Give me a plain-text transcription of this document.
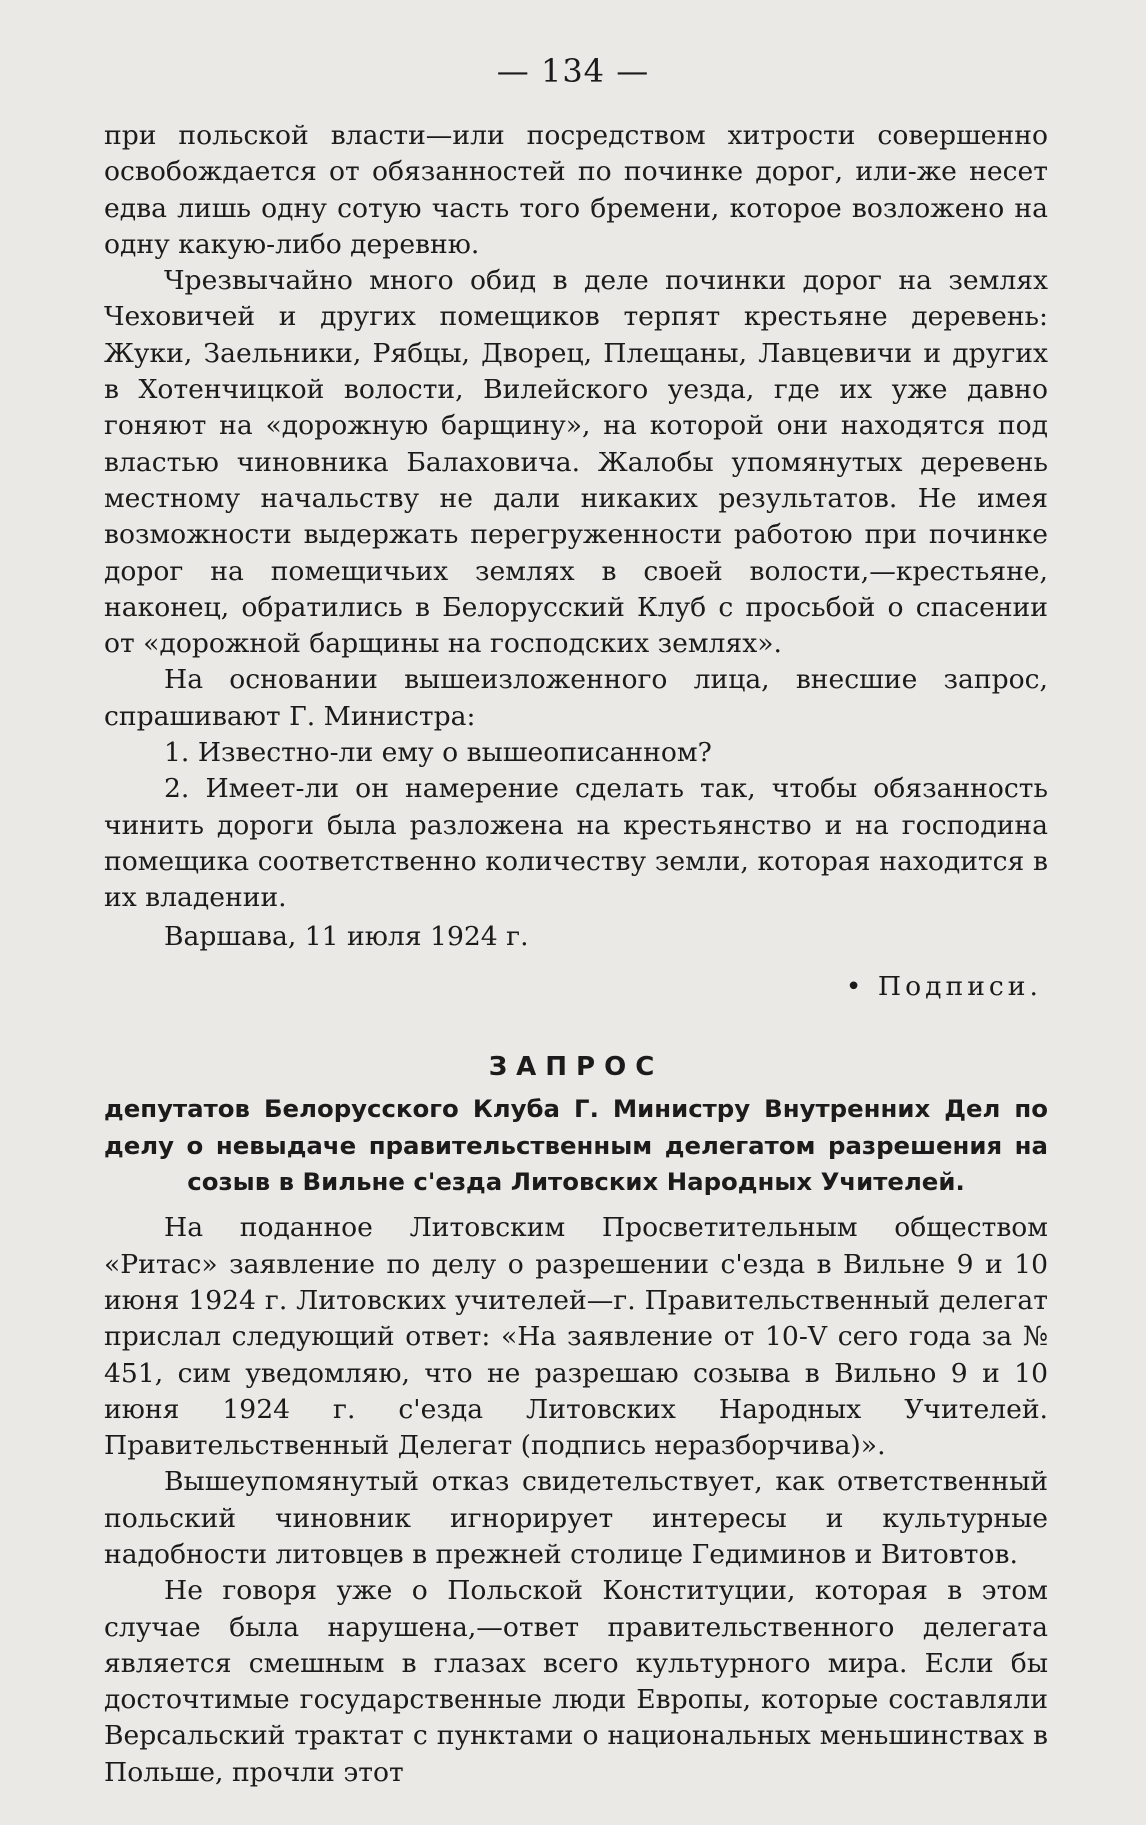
— 134 —

при польской власти—или посредством хитрости совершенно освобождается от обязанностей по починке дорог, или-же несет едва лишь одну сотую часть того бремени, которое возложено на одну какую-либо деревню.

Чрезвычайно много обид в деле починки дорог на землях Чеховичей и других помещиков терпят крестьяне деревень: Жуки, Заельники, Рябцы, Дворец, Плещаны, Лавцевичи и других в Хотенчицкой волости, Вилейского уезда, где их уже давно гоняют на «дорожную барщину», на которой они находятся под властью чиновника Балаховича. Жалобы упомянутых деревень местному начальству не дали никаких результатов. Не имея возможности выдержать перегруженности работою при починке дорог на помещичьих землях в своей волости,—крестьяне, наконец, обратились в Белорусский Клуб с просьбой о спасении от «дорожной барщины на господских землях».

На основании вышеизложенного лица, внесшие запрос, спрашивают Г. Министра:

1. Известно-ли ему о вышеописанном?

2. Имеет-ли он намерение сделать так, чтобы обязанность чинить дороги была разложена на крестьянство и на господина помещика соответственно количеству земли, которая находится в их владении.

Варшава, 11 июля 1924 г.

• Подписи.

ЗАПРОС

депутатов Белорусского Клуба Г. Министру Внутренних Дел по делу о невыдаче правительственным делегатом разрешения на созыв в Вильне с'езда Литовских Народных Учителей.

На поданное Литовским Просветительным обществом «Ритас» заявление по делу о разрешении с'езда в Вильне 9 и 10 июня 1924 г. Литовских учителей—г. Правительственный делегат прислал следующий ответ: «На заявление от 10-V сего года за № 451, сим уведомляю, что не разрешаю созыва в Вильно 9 и 10 июня 1924 г. с'езда Литовских Народных Учителей. Правительственный Делегат (подпись неразборчива)».

Вышеупомянутый отказ свидетельствует, как ответственный польский чиновник игнорирует интересы и культурные надобности литовцев в прежней столице Гедиминов и Витовтов.

Не говоря уже о Польской Конституции, которая в этом случае была нарушена,—ответ правительственного делегата является смешным в глазах всего культурного мира. Если бы досточтимые государственные люди Европы, которые составляли Версальский трактат с пунктами о национальных меньшинствах в Польше, прочли этот
